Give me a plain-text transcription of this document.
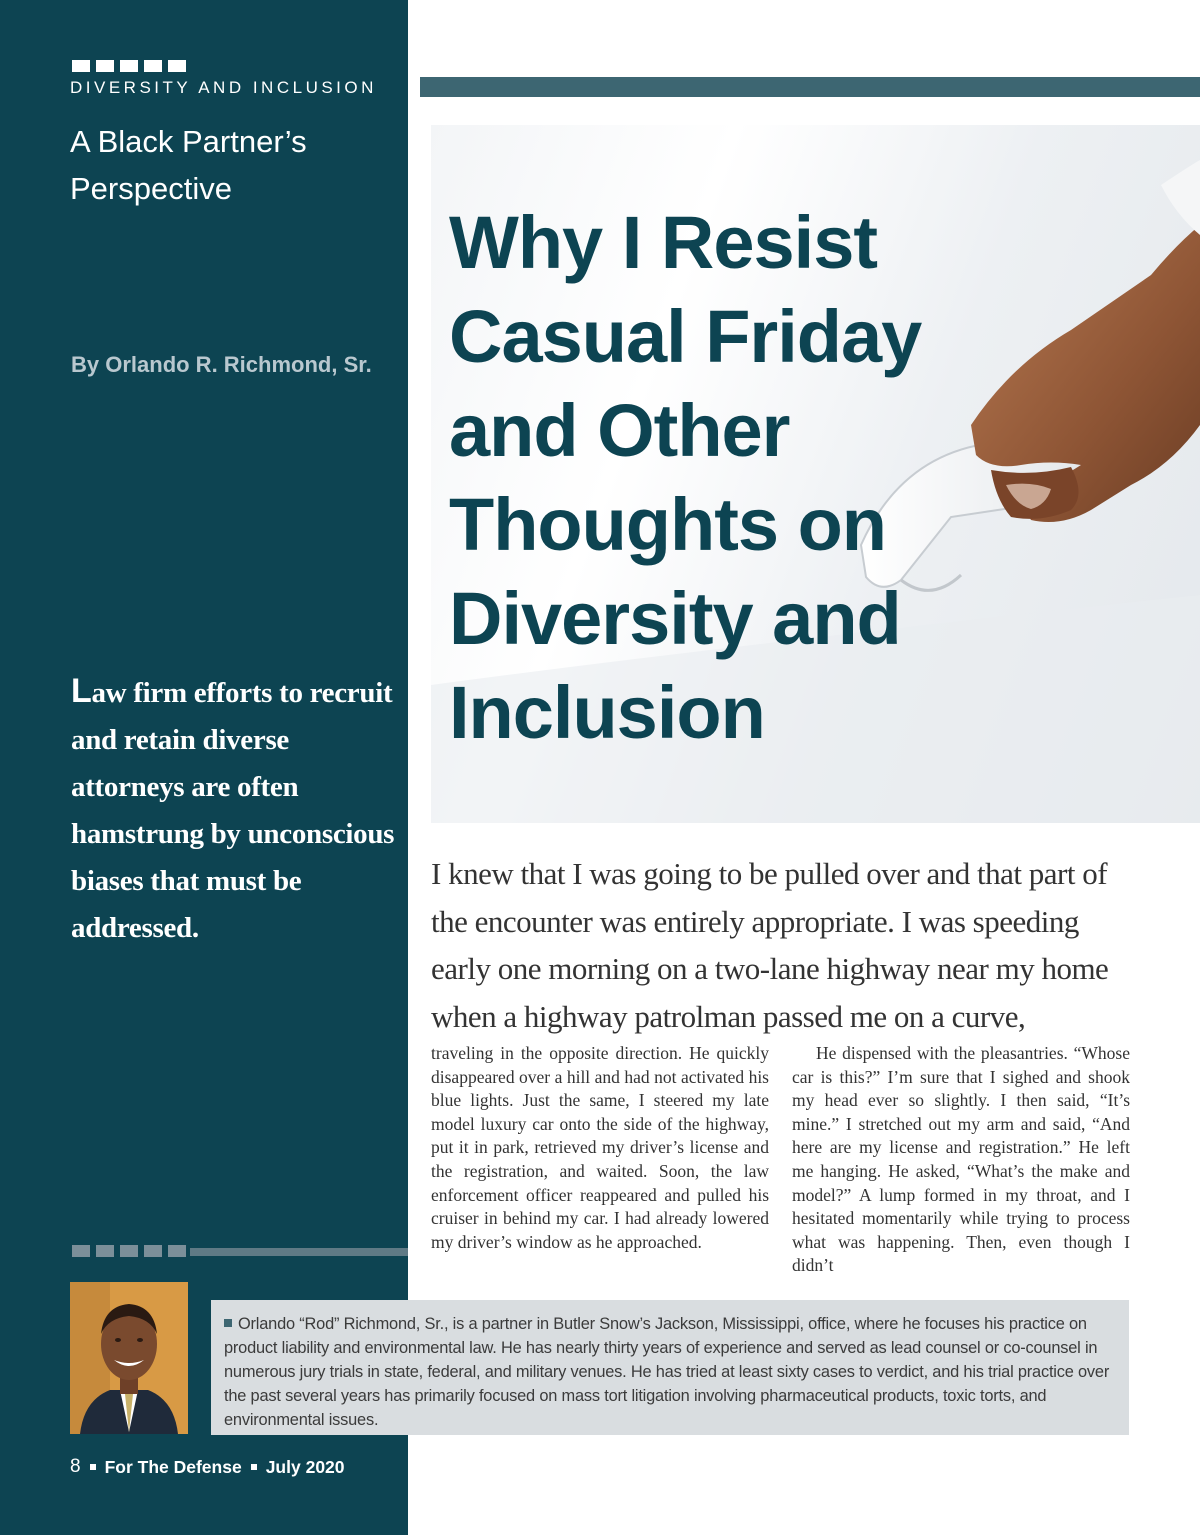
DIVERSITY AND INCLUSION
A Black Partner’s Perspective
By Orlando R. Richmond, Sr.
Law firm efforts to recruit and retain diverse attorneys are often hamstrung by unconscious biases that must be addressed.
Why I Resist Casual Friday and Other Thoughts on Diversity and Inclusion
I knew that I was going to be pulled over and that part of the encounter was entirely appropriate. I was speeding early one morning on a two-lane highway near my home when a highway patrolman passed me on a curve,
traveling in the opposite direction. He quickly disappeared over a hill and had not activated his blue lights. Just the same, I steered my late model luxury car onto the side of the highway, put it in park, retrieved my driver’s license and the registration, and waited. Soon, the law enforcement officer reappeared and pulled his cruiser in behind my car. I had already lowered my driver’s window as he approached.
He dispensed with the pleasantries. “Whose car is this?” I’m sure that I sighed and shook my head ever so slightly. I then said, “It’s mine.” I stretched out my arm and said, “And here are my license and registration.” He left me hanging. He asked, “What’s the make and model?” A lump formed in my throat, and I hesitated momentarily while trying to process what was happening. Then, even though I didn’t

Orlando “Rod” Richmond, Sr., is a partner in Butler Snow’s Jackson, Mississippi, office, where he focuses his practice on product liability and environmental law. He has nearly thirty years of experience and served as lead counsel or co-counsel in numerous jury trials in state, federal, and military venues. He has tried at least sixty cases to verdict, and his trial practice over the past several years has primarily focused on mass tort litigation involving pharmaceutical products, toxic torts, and environmental issues.

8 For The Defense July 2020
